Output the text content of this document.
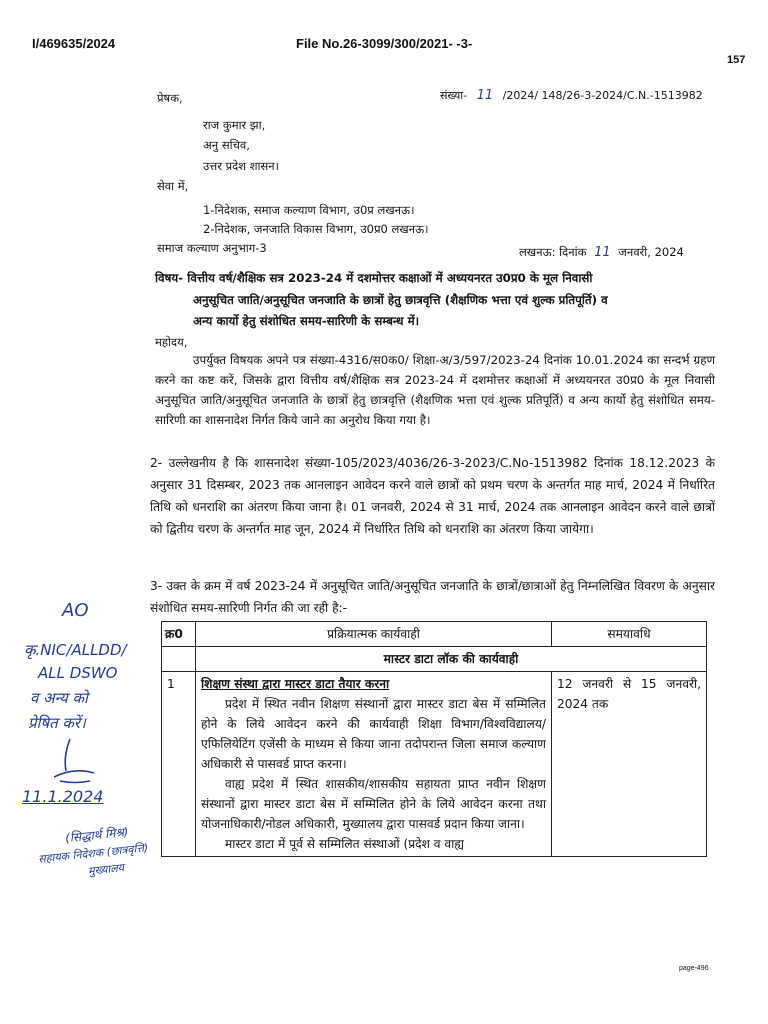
I/469635/2024	File No.26-3099/300/2021- -3-
157
संख्या- 11 /2024/ 148/26-3-2024/C.N.-1513982
प्रेषक,
राज कुमार झा,
अनु सचिव,
उत्तर प्रदेश शासन।
सेवा में,
1-निदेशक, समाज कल्याण विभाग, उ0प्र लखनऊ।
2-निदेशक, जनजाति विकास विभाग, उ0प्र0 लखनऊ।
समाज कल्याण अनुभाग-3	लखनऊ: दिनांक 11 जनवरी, 2024
विषय- वित्तीय वर्ष/शैक्षिक सत्र 2023-24 में दशमोत्तर कक्षाओं में अध्ययनरत उ0प्र0 के मूल निवासी
अनुसूचित जाति/अनुसूचित जनजाति के छात्रों हेतु छात्रवृत्ति (शैक्षणिक भत्ता एवं शुल्क प्रतिपूर्ति) व
अन्य कार्यो हेतु संशोधित समय-सारिणी के सम्बन्ध में।
महोदय,
उपर्युक्त विषयक अपने पत्र संख्या-4316/स0क0/ शिक्षा-अ/3/597/2023-24 दिनांक 10.01.2024 का सन्दर्भ ग्रहण करने का कष्ट करें, जिसके द्वारा वित्तीय वर्ष/शैक्षिक सत्र 2023-24 में दशमोत्तर कक्षाओं में अध्ययनरत उ0प्र0 के मूल निवासी अनुसूचित जाति/अनुसूचित जनजाति के छात्रों हेतु छात्रवृत्ति (शैक्षणिक भत्ता एवं शुल्क प्रतिपूर्ति) व अन्य कार्यो हेतु संशोधित समय-सारिणी का शासनादेश निर्गत किये जाने का अनुरोध किया गया है।
2- उल्लेखनीय है कि शासनादेश संख्या-105/2023/4036/26-3-2023/C.No-1513982 दिनांक 18.12.2023 के अनुसार 31 दिसम्बर, 2023 तक आनलाइन आवेदन करने वाले छात्रों को प्रथम चरण के अन्तर्गत माह मार्च, 2024 में निर्धारित तिथि को धनराशि का अंतरण किया जाना है। 01 जनवरी, 2024 से 31 मार्च, 2024 तक आनलाइन आवेदन करने वाले छात्रों को द्वितीय चरण के अन्तर्गत माह जून, 2024 में निर्धारित तिथि को धनराशि का अंतरण किया जायेगा।
3- उक्त के क्रम में वर्ष 2023-24 में अनुसूचित जाति/अनुसूचित जनजाति के छात्रों/छात्राओं हेतु निम्नलिखित विवरण के अनुसार संशोधित समय-सारिणी निर्गत की जा रही है:-
क्र0	प्रक्रियात्मक कार्यवाही	समयावधि
	मास्टर डाटा लॉक की कार्यवाही	
1	शिक्षण संस्था द्वारा मास्टर डाटा तैयार करना

प्रदेश में स्थित नवीन शिक्षण संस्थानों द्वारा मास्टर डाटा बेस में सम्मिलित होने के लिये आवेदन करने की कार्यवाही शिक्षा विभाग/विश्वविद्यालय/एफिलियेटिंग एजेंसी के माध्यम से किया जाना तदोपरान्त जिला समाज कल्याण अधिकारी से पासवर्ड प्राप्त करना।

वाह्य प्रदेश में स्थित शासकीय/शासकीय सहायता प्राप्त नवीन शिक्षण संस्थानों द्वारा मास्टर डाटा बेस में सम्मिलित होने के लिये आवेदन करना तथा योजनाधिकारी/नोडल अधिकारी, मुख्यालय द्वारा पासवर्ड प्रदान किया जाना।

मास्टर डाटा में पूर्व से सम्मिलित संस्थाओं (प्रदेश व वाह्य	12 जनवरी से 15 जनवरी, 2024 तक
AO
कृ.NIC/ALLDD/
ALL DSWO
व अन्य को
प्रेषित करें।
11.1.2024
(सिद्धार्थ मिश्र)
सहायक निदेशक (छात्रवृत्ति)
मुख्यालय
page-496
